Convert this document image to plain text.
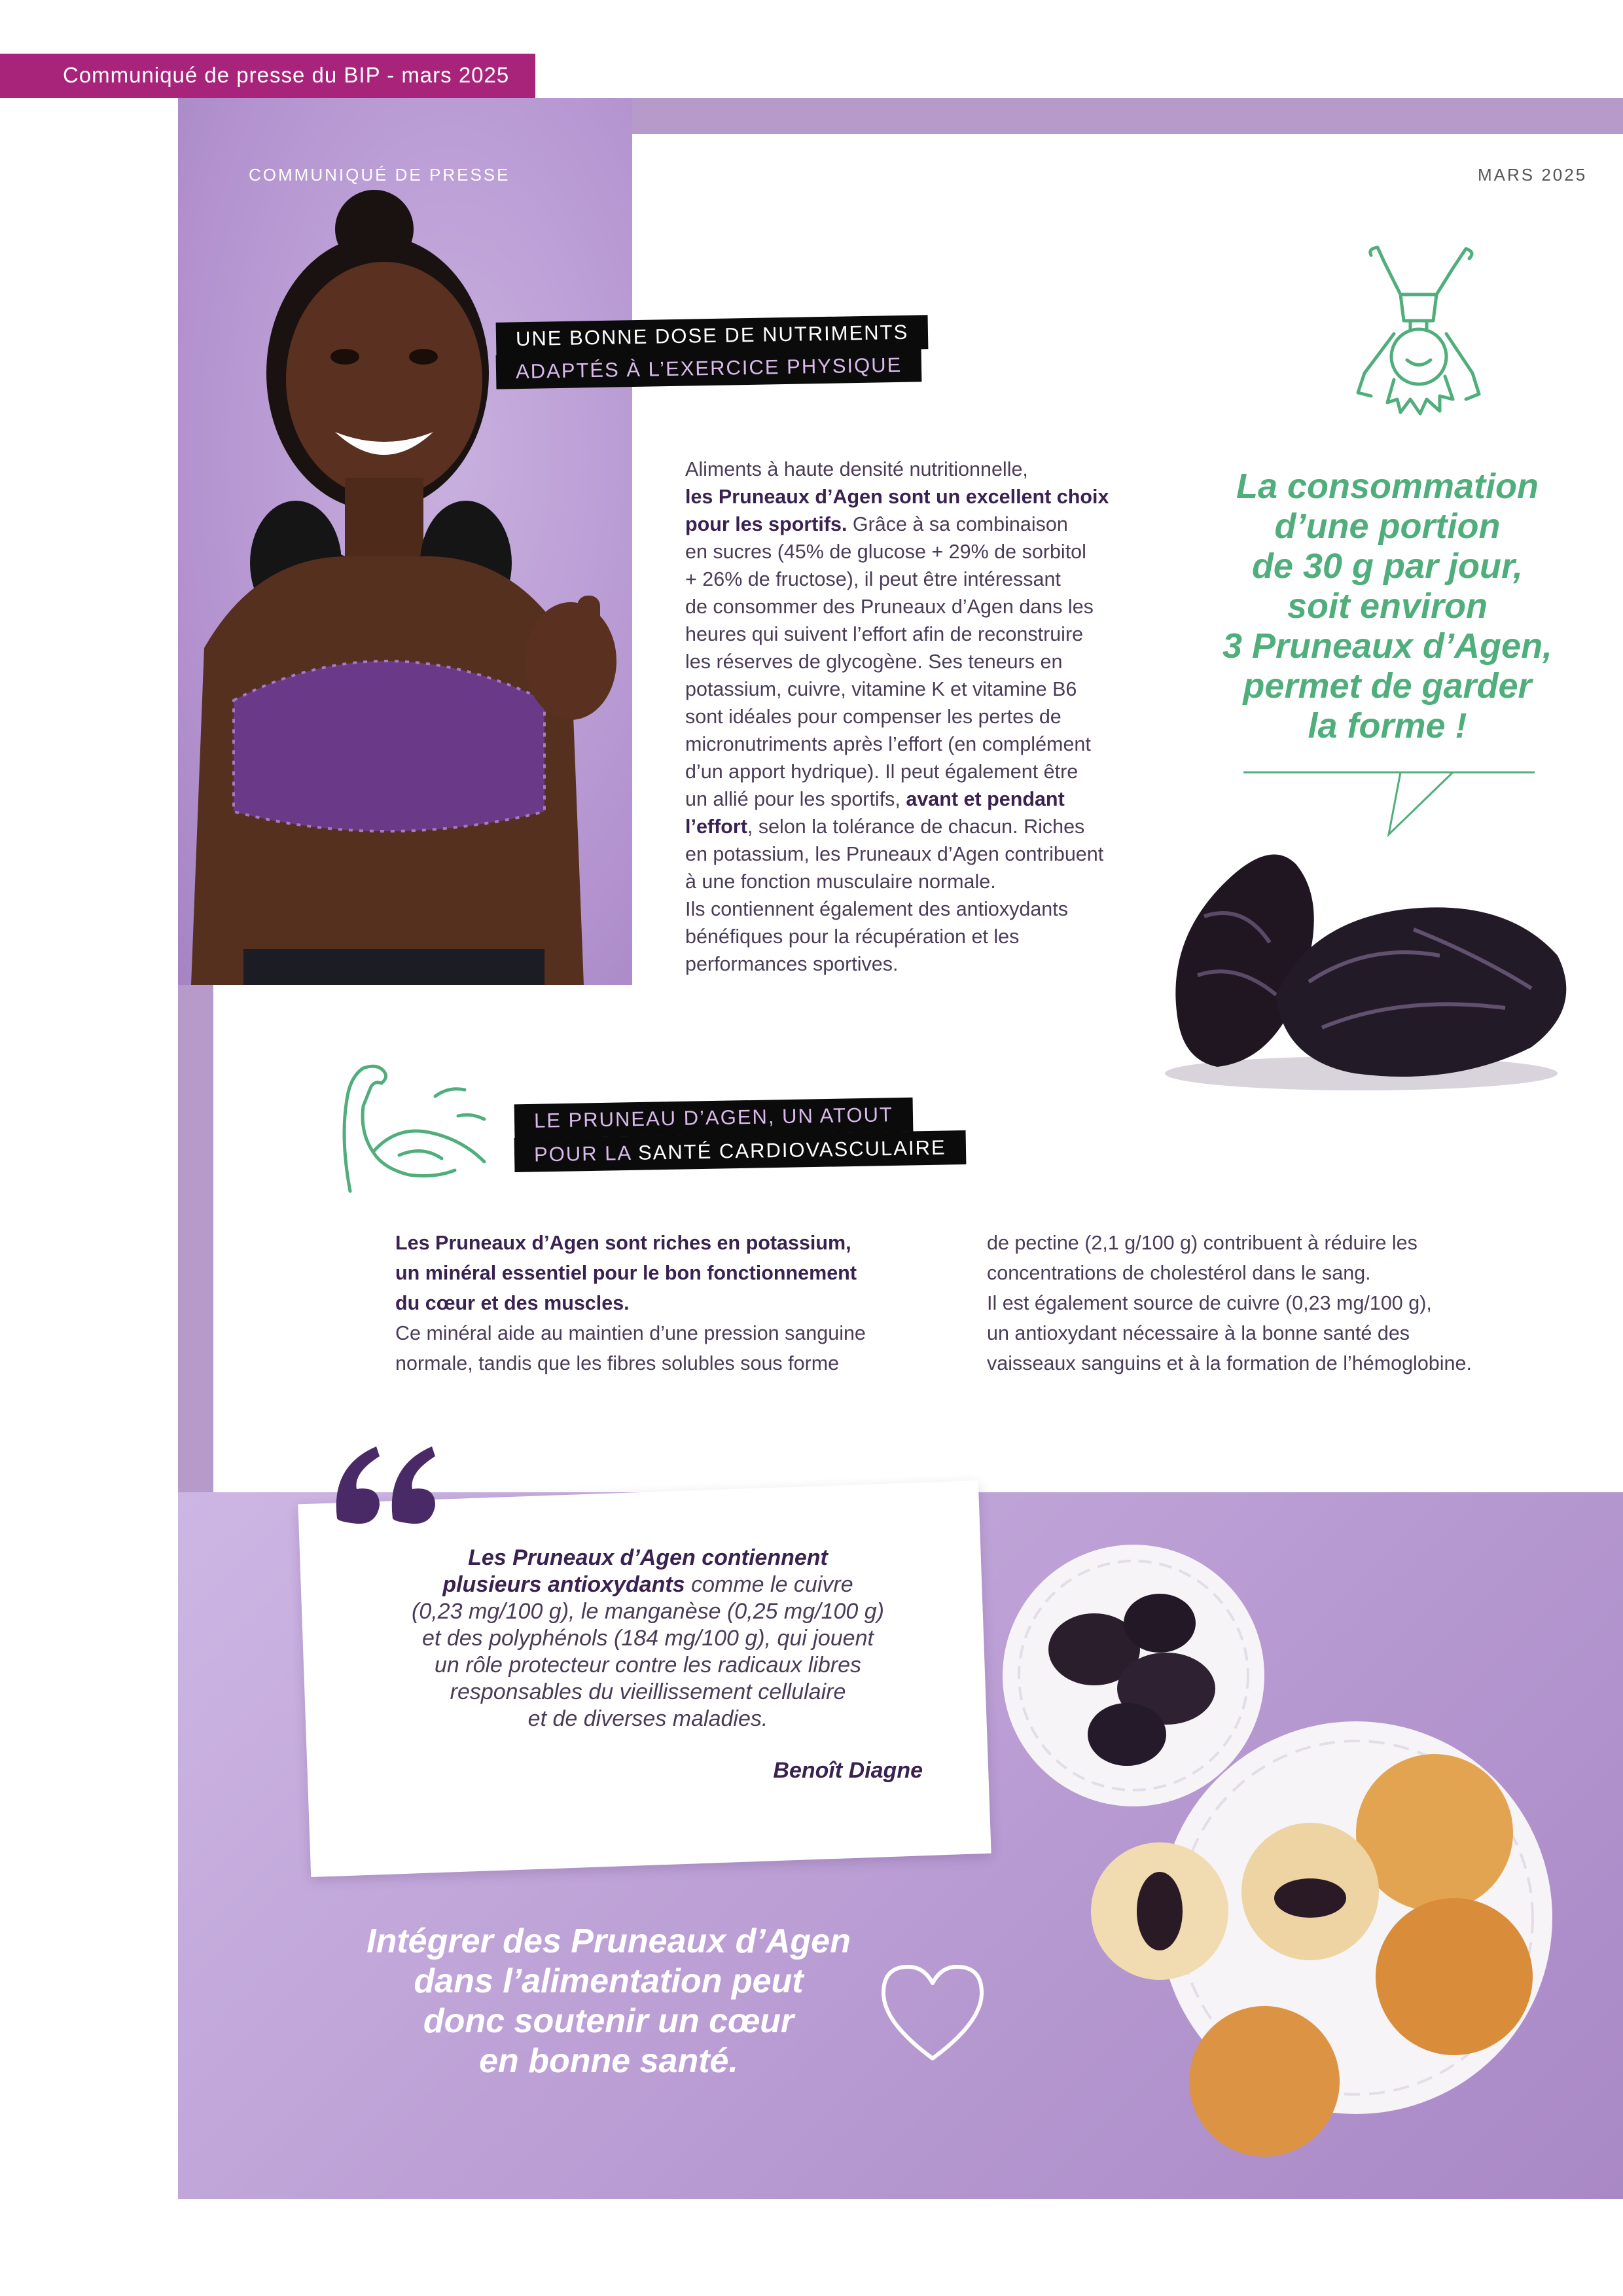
Communiqué de presse du BIP - mars 2025
COMMUNIQUÉ DE PRESSE	MARS 2025
UNE BONNE DOSE DE NUTRIMENTS
ADAPTÉS À L’EXERCICE PHYSIQUE
Aliments à haute densité nutritionnelle,
les Pruneaux d’Agen sont un excellent choix
pour les sportifs. Grâce à sa combinaison
en sucres (45% de glucose + 29% de sorbitol
+ 26% de fructose), il peut être intéressant
de consommer des Pruneaux d’Agen dans les
heures qui suivent l’effort afin de reconstruire
les réserves de glycogène. Ses teneurs en
potassium, cuivre, vitamine K et vitamine B6
sont idéales pour compenser les pertes de
micronutriments après l’effort (en complément
d’un apport hydrique). Il peut également être
un allié pour les sportifs, avant et pendant
l’effort, selon la tolérance de chacun. Riches
en potassium, les Pruneaux d’Agen contribuent
à une fonction musculaire normale.
Ils contiennent également des antioxydants
bénéfiques pour la récupération et les
performances sportives.
La consommation
d’une portion
de 30 g par jour,
soit environ
3 Pruneaux d’Agen,
permet de garder
la forme !
LE PRUNEAU D’AGEN, UN ATOUT
POUR LA SANTÉ CARDIOVASCULAIRE
Les Pruneaux d’Agen sont riches en potassium,
un minéral essentiel pour le bon fonctionnement
du cœur et des muscles.
Ce minéral aide au maintien d’une pression sanguine
normale, tandis que les fibres solubles sous forme
de pectine (2,1 g/100 g) contribuent à réduire les
concentrations de cholestérol dans le sang.
Il est également source de cuivre (0,23 mg/100 g),
un antioxydant nécessaire à la bonne santé des
vaisseaux sanguins et à la formation de l’hémoglobine.
Les Pruneaux d’Agen contiennent
plusieurs antioxydants comme le cuivre
(0,23 mg/100 g), le manganèse (0,25 mg/100 g)
et des polyphénols (184 mg/100 g), qui jouent
un rôle protecteur contre les radicaux libres
responsables du vieillissement cellulaire
et de diverses maladies.
Benoît Diagne
Intégrer des Pruneaux d’Agen
dans l’alimentation peut
donc soutenir un cœur
en bonne santé.
